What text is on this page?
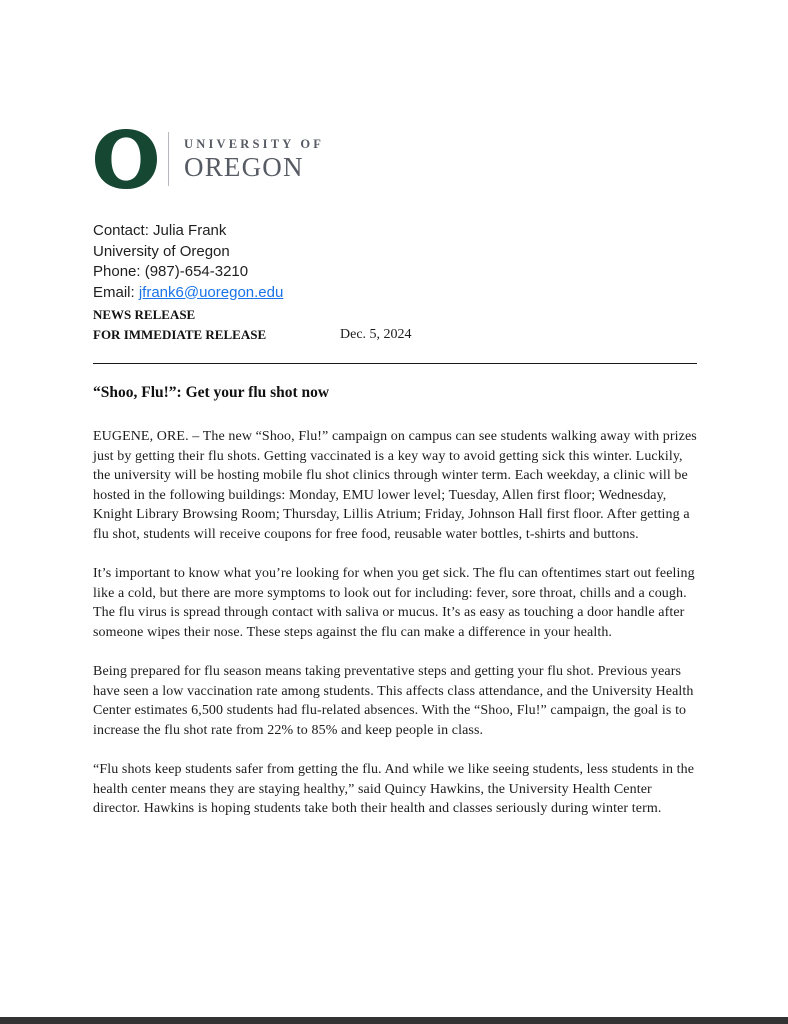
UNIVERSITY OF
OREGON
Contact: Julia Frank
University of Oregon
Phone: (987)-654-3210
Email: jfrank6@uoregon.edu
NEWS RELEASE
FOR IMMEDIATE RELEASE	Dec. 5, 2024
“Shoo, Flu!”: Get your flu shot now

EUGENE, ORE. – The new “Shoo, Flu!” campaign on campus can see students walking away with prizes just by getting their flu shots. Getting vaccinated is a key way to avoid getting sick this winter. Luckily, the university will be hosting mobile flu shot clinics through winter term. Each weekday, a clinic will be hosted in the following buildings: Monday, EMU lower level; Tuesday, Allen first floor; Wednesday, Knight Library Browsing Room; Thursday, Lillis Atrium; Friday, Johnson Hall first floor. After getting a flu shot, students will receive coupons for free food, reusable water bottles, t-shirts and buttons.

It’s important to know what you’re looking for when you get sick. The flu can oftentimes start out feeling like a cold, but there are more symptoms to look out for including: fever, sore throat, chills and a cough. The flu virus is spread through contact with saliva or mucus. It’s as easy as touching a door handle after someone wipes their nose. These steps against the flu can make a difference in your health.

Being prepared for flu season means taking preventative steps and getting your flu shot. Previous years have seen a low vaccination rate among students. This affects class attendance, and the University Health Center estimates 6,500 students had flu-related absences. With the “Shoo, Flu!” campaign, the goal is to increase the flu shot rate from 22% to 85% and keep people in class.

“Flu shots keep students safer from getting the flu. And while we like seeing students, less students in the health center means they are staying healthy,” said Quincy Hawkins, the University Health Center director. Hawkins is hoping students take both their health and classes seriously during winter term.
